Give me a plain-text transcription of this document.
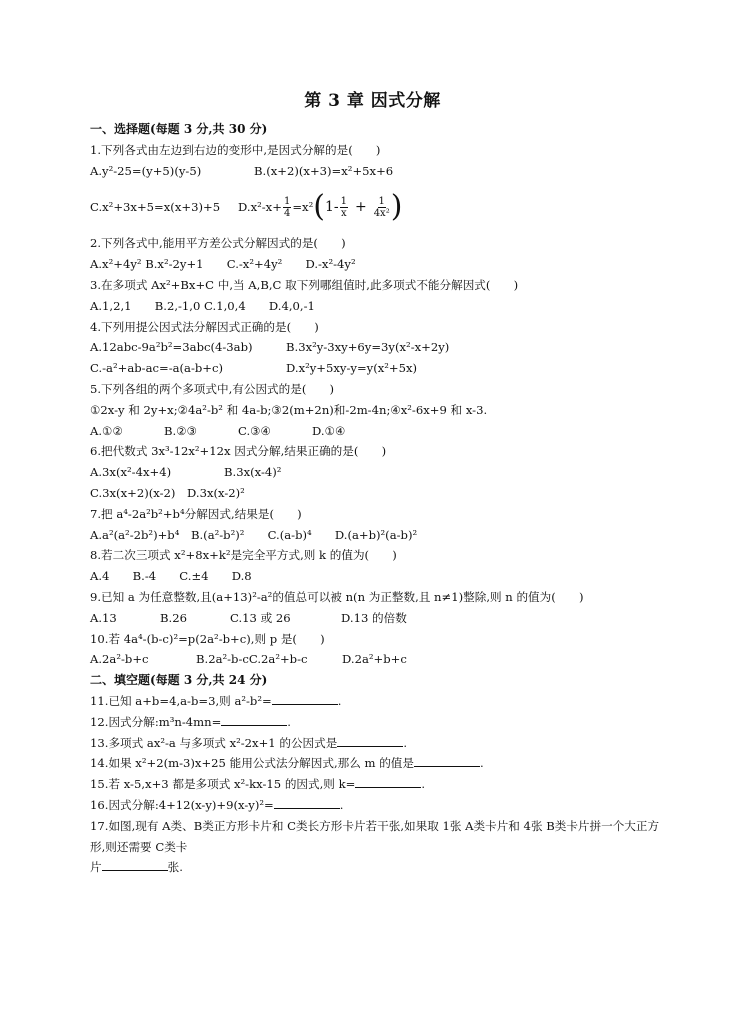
第 3 章 因式分解
一、选择题(每题 3 分,共 30 分)
1.下列各式由左边到右边的变形中,是因式分解的是(　　)
A.y²-25=(y+5)(y-5)	B.(x+2)(x+3)=x²+5x+6
C.x²+3x+5=x(x+3)+5	$D.x^2-x+ \frac{1}{4} =x^2$ ( $1- \frac{1}{x} + \frac{1}{\text{4x²}}$ )
2.下列各式中,能用平方差公式分解因式的是(　　)
A.x²+4y² B.x²-2y+1　　C.-x²+4y²　　D.-x²-4y²
3.在多项式 Ax²+Bx+C 中,当 A,B,C 取下列哪组值时,此多项式不能分解因式(　　)
A.1,2,1　　B.2,-1,0 C.1,0,4　　D.4,0,-1
4.下列用提公因式法分解因式正确的是(　　)
A.12abc-9a²b²=3abc(4-3ab)	B.3x²y-3xy+6y=3y(x²-x+2y)
C.-a²+ab-ac=-a(a-b+c)	D.x²y+5xy-y=y(x²+5x)
5.下列各组的两个多项式中,有公因式的是(　　)
①2x-y 和 2y+x;②4a²-b² 和 4a-b;③2(m+2n)和-2m-4n;④x²-6x+9 和 x-3.
A.①②	B.②③	C.③④	D.①④
6.把代数式 3x³-12x²+12x 因式分解,结果正确的是(　　)
A.3x(x²-4x+4)	B.3x(x-4)²
C.3x(x+2)(x-2)　D.3x(x-2)²
7.把 a⁴-2a²b²+b⁴分解因式,结果是(　　)
A.a²(a²-2b²)+b⁴　B.(a²-b²)²　　C.(a-b)⁴　　D.(a+b)²(a-b)²
8.若二次三项式 x²+8x+k²是完全平方式,则 k 的值为(　　)
A.4　　B.-4　　C.±4　　D.8
9.已知 a 为任意整数,且(a+13)²-a²的值总可以被 n(n 为正整数,且 n≠1)整除,则 n 的值为(　　)
A.13	B.26	C.13 或 26	D.13 的倍数
10.若 4a⁴-(b-c)²=p(2a²-b+c),则 p 是(　　)
A.2a²-b+c	B.2a²-b-cC.2a²+b-c	D.2a²+b+c
二、填空题(每题 3 分,共 24 分)
11.已知 a+b=4,a-b=3,则 a²-b²=	.
12.因式分解:m³n-4mn=	.
13.多项式 ax²-a 与多项式 x²-2x+1 的公因式是	.
14.如果 x²+2(m-3)x+25 能用公式法分解因式,那么 m 的值是	.
15.若 x-5,x+3 都是多项式 x²-kx-15 的因式,则 k=	.
16.因式分解:4+12(x-y)+9(x-y)²=	.
17.如图,现有 A类、B类正方形卡片和 C类长方形卡片若干张,如果取 1张 A类卡片和 4张 B类卡片拼一个大正方形,则还需要 C类卡
片	张.
